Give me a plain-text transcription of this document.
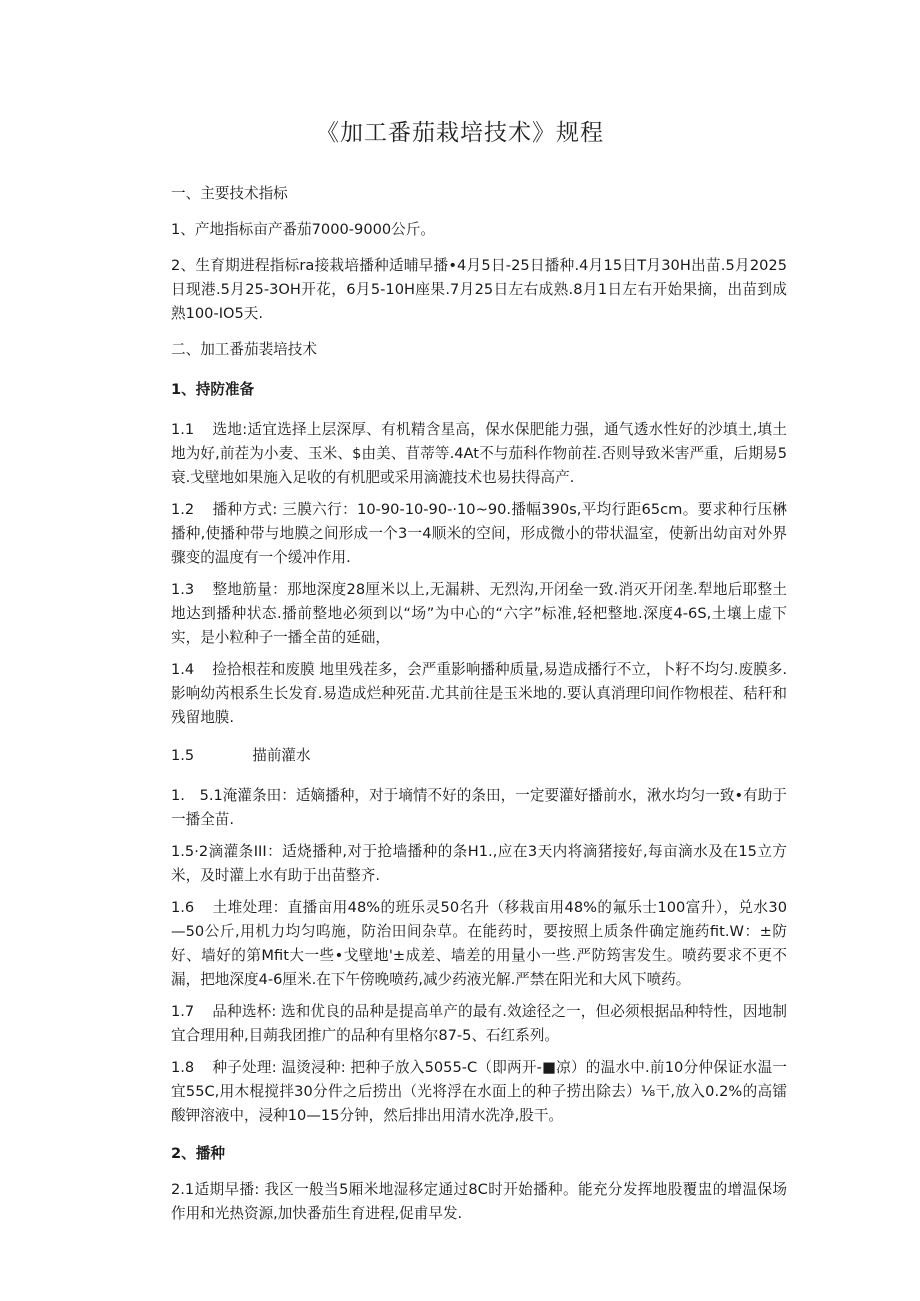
《加工番茄栽培技术》规程

一、主要技术指标

1、产地指标亩产番茄7000-9000公斤。

2、生育期进程指标ra接栽培播种适晡早播•4月5日-25日播种.4月15日T月30H出苗.5月2025日现港.5月25-3OH开花，6月5-10H座果.7月25日左右成熟.8月1日左右开始果摘，出苗到成熟100-IO5天.

二、加工番茄裴培技术

1、持防准备

1.1 选地:适宜选择上层深厚、有机精含星高，保水保肥能力强，通气透水性好的沙填土,填土地为好,前茬为小麦、玉米、$由美、苜蒂等.4At不与茄科作物前茬.否则导致米害严重，后期易5衰.戈壁地如果施入足收的有机肥或采用滴漉技术也易扶得高产.

1.2 播种方式: 三膜六行：10-90-10-90-·10~90.播幅390s,平均行距65cm。要求种行压楙播种,使播种带与地膜之间形成一个3一4顺米的空间，形成微小的带状温室，使新出幼亩对外界骤变的温度有一个缓冲作用.

1.3 整地筋量：那地深度28厘米以上,无漏耕、无烈沟,开闭垒一致.消灭开闭垄.犁地后耶整土地达到播种状态.播前整地必须到以“场”为中心的“六字”标准,轻杷整地.深度4-6S,土壤上虚下实，是小粒种子一播全苗的延础，

1.4 捡拾根茬和废膜 地里残茬多，会严重影响播种质量,易造成播行不立，卜籽不均匀.废膜多.影响幼芮根系生长发育.易造成烂种死苗.尤其前往是玉米地的.要认真消理印间作物根茬、秸秆和残留地膜.

1.5	描前灌水

1.　5.1淹灌条田：适嫡播种，对于墒情不好的条田，一定要灌好播前水，湫水均匀一致•有助于一播全苗.

1.5·2滴灌条III：适烧播种,对于抢墙播种的条H1.,应在3天内将滴猪接好,每亩滴水及在15立方米，及时灌上水有助于出苗整齐.

1.6 土堆处理：直播亩用48%的班乐灵50名升（移栽亩用48%的氟乐士100富升），兑水30—50公斤,用机力均匀呜施，防治田间杂草。在能药时，要按照上质条件确定施药fit.W：±防好、墙好的第Mfit大一些•戈壁地'±成差、墙差的用量小一些.严防筠害发生。喷药要求不更不漏，把地深度4-6厘米.在下午傍晚喷药,减少药液光解.严禁在阳光和大风下喷药。

1.7 品种选杯: 选和优良的品种是提高单产的最有.效途径之一，但必须根据品种特性，因地制宜合理用种,目蒴我团推广的品种有里格尔87-5、石红系列。

1.8 种子处理: 温烫浸种: 把种子放入5055-C（即两开-■凉）的温水中.前10分仲保证水温一宜55C,用木棍搅拌30分件之后捞出（光将浮在水面上的种子捞出除去）⅛干,放入0.2%的高镭酸钾溶液中，浸种10—15分钟，然后排出用清水洗净,股干。

2、播种

2.1适期早播: 我区一般当5厢米地湿移定通过8C时开始播种。能充分发挥地股覆盅的增温保场作用和光热资源,加快番茄生育进程,促甫早发.
